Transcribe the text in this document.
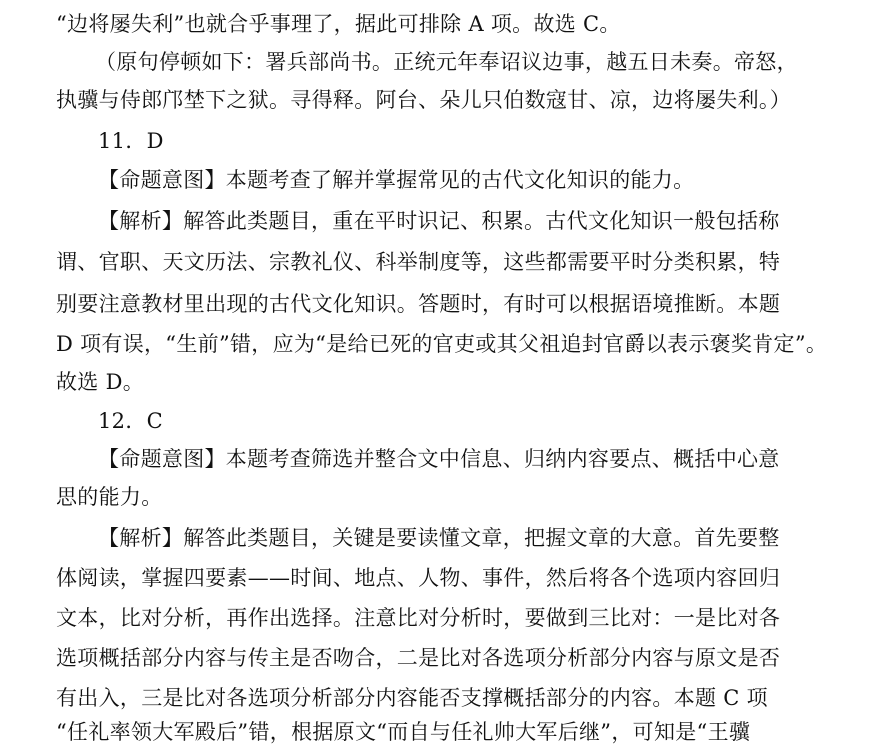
“边将屡失利”也就合乎事理了，据此可排除 A 项。故选 C。
（原句停顿如下：署兵部尚书。正统元年奉诏议边事，越五日未奏。帝怒，
执骥与侍郎邝埜下之狱。寻得释。阿台、朵儿只伯数寇甘、凉，边将屡失利。）
11．D
【命题意图】本题考查了解并掌握常见的古代文化知识的能力。
【解析】解答此类题目，重在平时识记、积累。古代文化知识一般包括称
谓、官职、天文历法、宗教礼仪、科举制度等，这些都需要平时分类积累，特
别要注意教材里出现的古代文化知识。答题时，有时可以根据语境推断。本题
D 项有误，“生前”错，应为“是给已死的官吏或其父祖追封官爵以表示褒奖肯定”。
故选 D。
12．C
【命题意图】本题考查筛选并整合文中信息、归纳内容要点、概括中心意
思的能力。
【解析】解答此类题目，关键是要读懂文章，把握文章的大意。首先要整
体阅读，掌握四要素——时间、地点、人物、事件，然后将各个选项内容回归
文本，比对分析，再作出选择。注意比对分析时，要做到三比对：一是比对各
选项概括部分内容与传主是否吻合，二是比对各选项分析部分内容与原文是否
有出入，三是比对各选项分析部分内容能否支撑概括部分的内容。本题 C 项
“任礼率领大军殿后”错，根据原文“而自与任礼帅大军后继”，可知是“王骥
